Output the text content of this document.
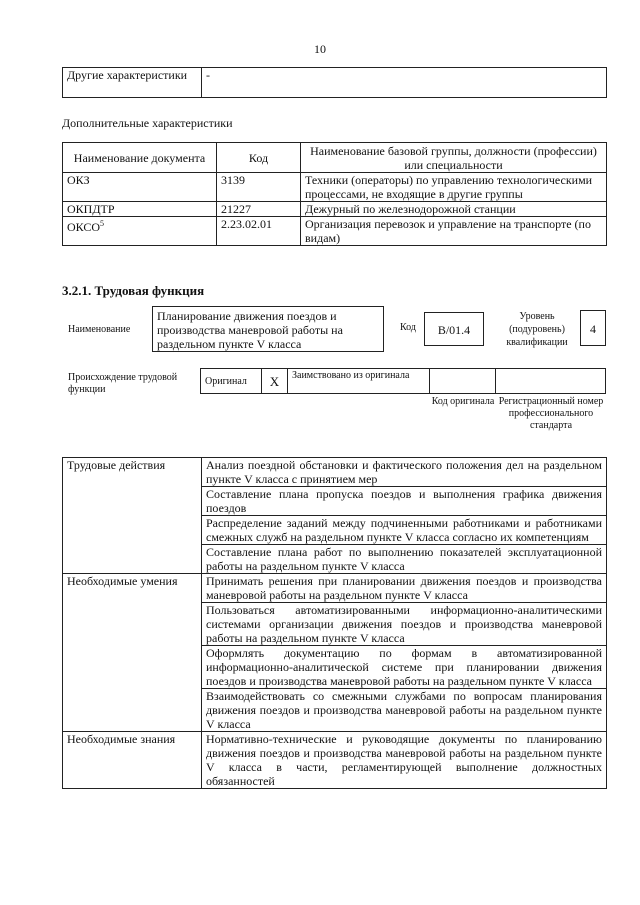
10
Другие характеристики	-
Дополнительные характеристики
Наименование документа	Код	Наименование базовой группы, должности (профессии) или специальности
ОКЗ	3139	Техники (операторы) по управлению технологическими процессами, не входящие в другие группы
ОКПДТР	21227	Дежурный по железнодорожной станции
ОКСО$^5$	2.23.02.01	Организация перевозок и управление на транспорте (по видам)
3.2.1. Трудовая функция
Наименование
Планирование движения поездов и производства маневровой работы на раздельном пункте V класса
Код	В/01.4
Уровень (подуровень) квалификации
4
Происхождение трудовой функции
Оригинал	X	Заимствовано из оригинала
Код оригинала Регистрационный номер профессионального стандарта
Трудовые действия	Анализ поездной обстановки и фактического положения дел на раздельном пункте V класса с принятием мер
	Составление плана пропуска поездов и выполнения графика движения поездов
	Распределение заданий между подчиненными работниками и работниками смежных служб на раздельном пункте V класса согласно их компетенциям
	Составление плана работ по выполнению показателей эксплуатационной работы на раздельном пункте V класса
Необходимые умения	Принимать решения при планировании движения поездов и производства маневровой работы на раздельном пункте V класса
	Пользоваться автоматизированными информационно-аналитическими системами организации движения поездов и производства маневровой работы на раздельном пункте V класса
	Оформлять документацию по формам в автоматизированной информационно-аналитической системе при планировании движения поездов и производства маневровой работы на раздельном пункте V класса
	Взаимодействовать со смежными службами по вопросам планирования движения поездов и производства маневровой работы на раздельном пункте V класса
Необходимые знания	Нормативно-технические и руководящие документы по планированию движения поездов и производства маневровой работы на раздельном пункте V класса в части, регламентирующей выполнение должностных обязанностей
